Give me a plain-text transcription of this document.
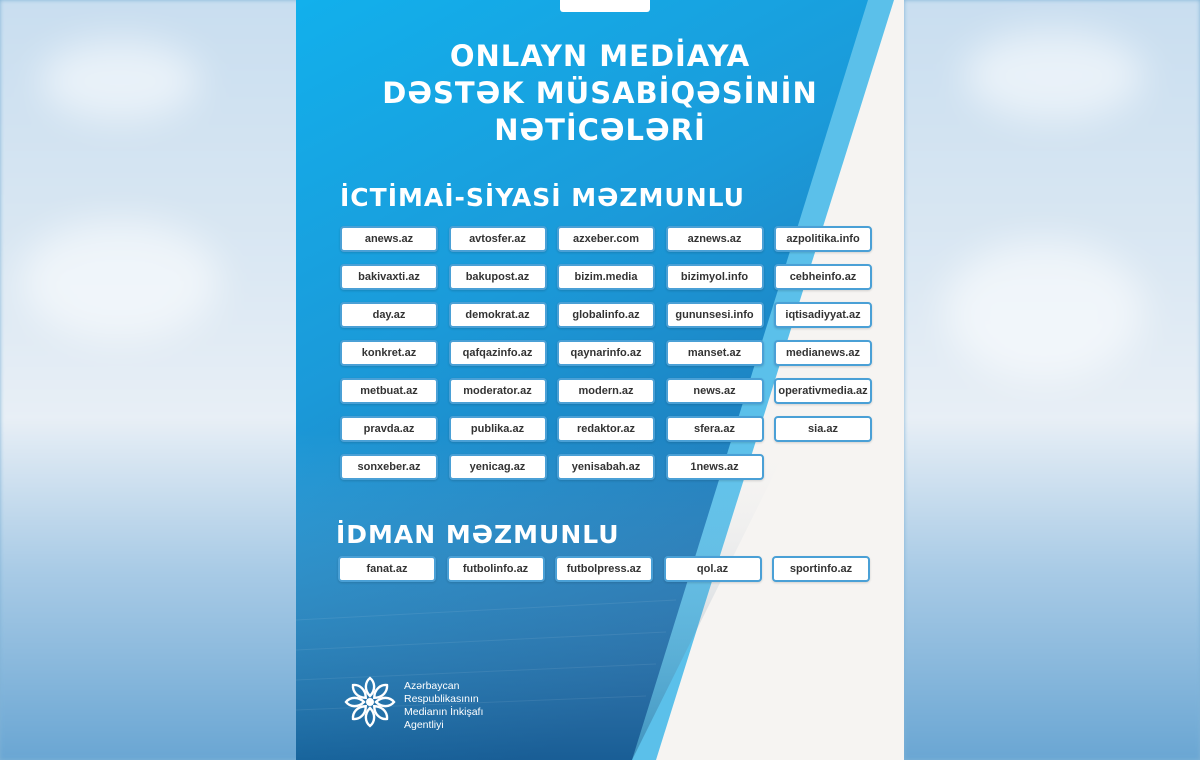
ONLAYN MEDİAYA
DƏSTƏK MÜSABİQƏSİNİN
NƏTİCƏLƏRİ
İCTİMAİ-SİYASİ MƏZMUNLU
anews.az	avtosfer.az	azxeber.com	aznews.az	azpolitika.info
bakivaxti.az	bakupost.az	bizim.media	bizimyol.info	cebheinfo.az
day.az	demokrat.az	globalinfo.az	gununsesi.info	iqtisadiyyat.az
konkret.az	qafqazinfo.az	qaynarinfo.az	manset.az	medianews.az
metbuat.az	moderator.az	modern.az	news.az	operativmedia.az
pravda.az	publika.az	redaktor.az	sfera.az	sia.az
sonxeber.az	yenicag.az	yenisabah.az	1news.az
İDMAN MƏZMUNLU
fanat.az	futbolinfo.az	futbolpress.az	qol.az	sportinfo.az
Azərbaycan
Respublikasının
Medianın İnkişafı
Agentliyi
